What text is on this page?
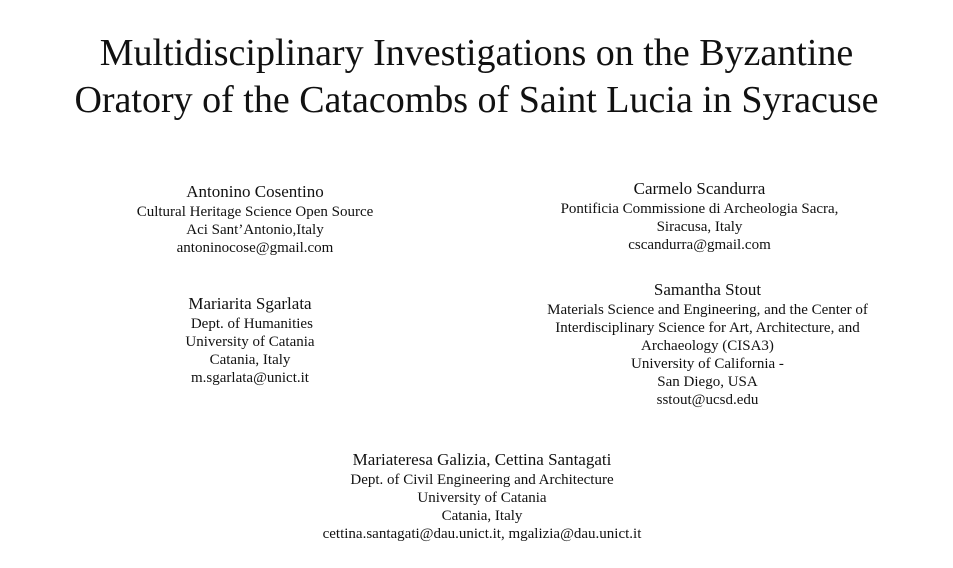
Multidisciplinary Investigations on the Byzantine
Oratory of the Catacombs of Saint Lucia in Syracuse
Antonino Cosentino
Cultural Heritage Science Open Source
Aci Sant’Antonio,Italy
antoninocose@gmail.com
Carmelo Scandurra
Pontificia Commissione di Archeologia Sacra,
Siracusa, Italy
cscandurra@gmail.com
Mariarita Sgarlata
Dept. of Humanities
University of Catania
Catania, Italy
m.sgarlata@unict.it
Samantha Stout
Materials Science and Engineering, and the Center of
Interdisciplinary Science for Art, Architecture, and
Archaeology (CISA3)
University of California -
San Diego, USA
sstout@ucsd.edu
Mariateresa Galizia, Cettina Santagati
Dept. of Civil Engineering and Architecture
University of Catania
Catania, Italy
cettina.santagati@dau.unict.it, mgalizia@dau.unict.it
